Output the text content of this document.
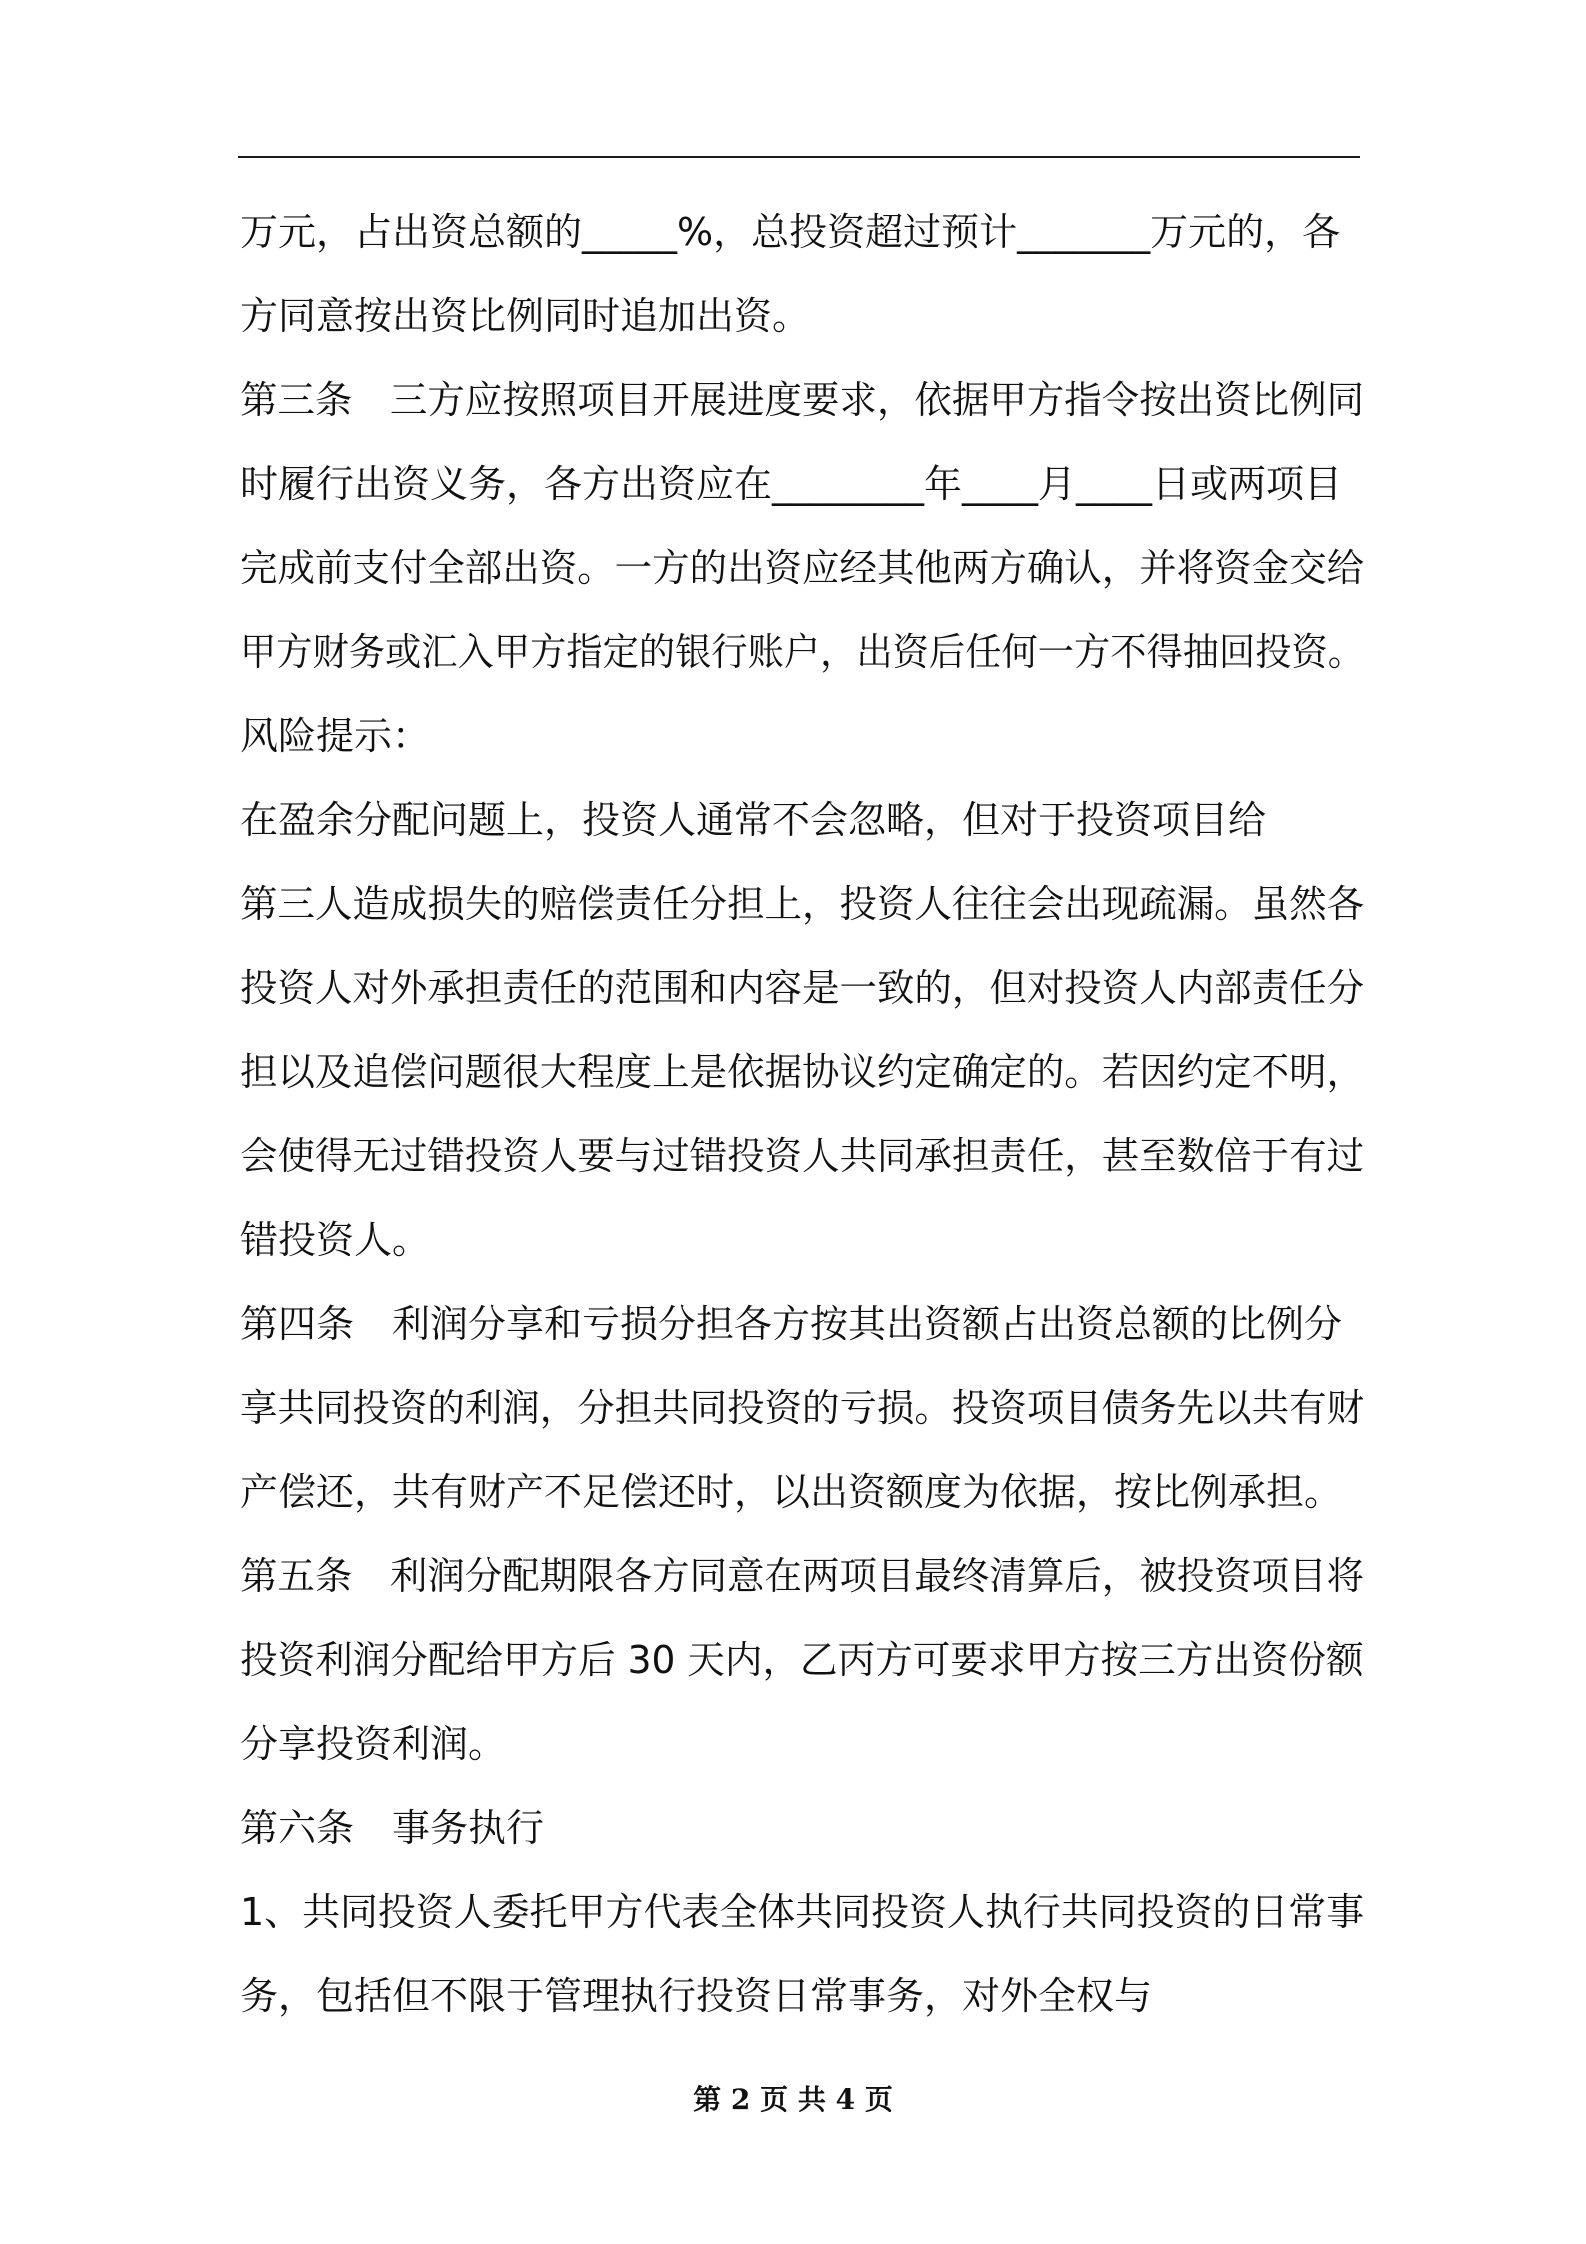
万元，占出资总额的_____%，总投资超过预计_______万元的，各
方同意按出资比例同时追加出资。
第三条　三方应按照项目开展进度要求，依据甲方指令按出资比例同
时履行出资义务，各方出资应在________年____月____日或两项目
完成前支付全部出资。一方的出资应经其他两方确认，并将资金交给
甲方财务或汇入甲方指定的银行账户，出资后任何一方不得抽回投资。
风险提示：
在盈余分配问题上，投资人通常不会忽略，但对于投资项目给
第三人造成损失的赔偿责任分担上，投资人往往会出现疏漏。虽然各
投资人对外承担责任的范围和内容是一致的，但对投资人内部责任分
担以及追偿问题很大程度上是依据协议约定确定的。若因约定不明，
会使得无过错投资人要与过错投资人共同承担责任，甚至数倍于有过
错投资人。
第四条　利润分享和亏损分担各方按其出资额占出资总额的比例分
享共同投资的利润，分担共同投资的亏损。投资项目债务先以共有财
产偿还，共有财产不足偿还时，以出资额度为依据，按比例承担。
第五条　利润分配期限各方同意在两项目最终清算后，被投资项目将
投资利润分配给甲方后 30 天内，乙丙方可要求甲方按三方出资份额
分享投资利润。
第六条　事务执行
1、共同投资人委托甲方代表全体共同投资人执行共同投资的日常事
务，包括但不限于管理执行投资日常事务，对外全权与
第 2 页 共 4 页
